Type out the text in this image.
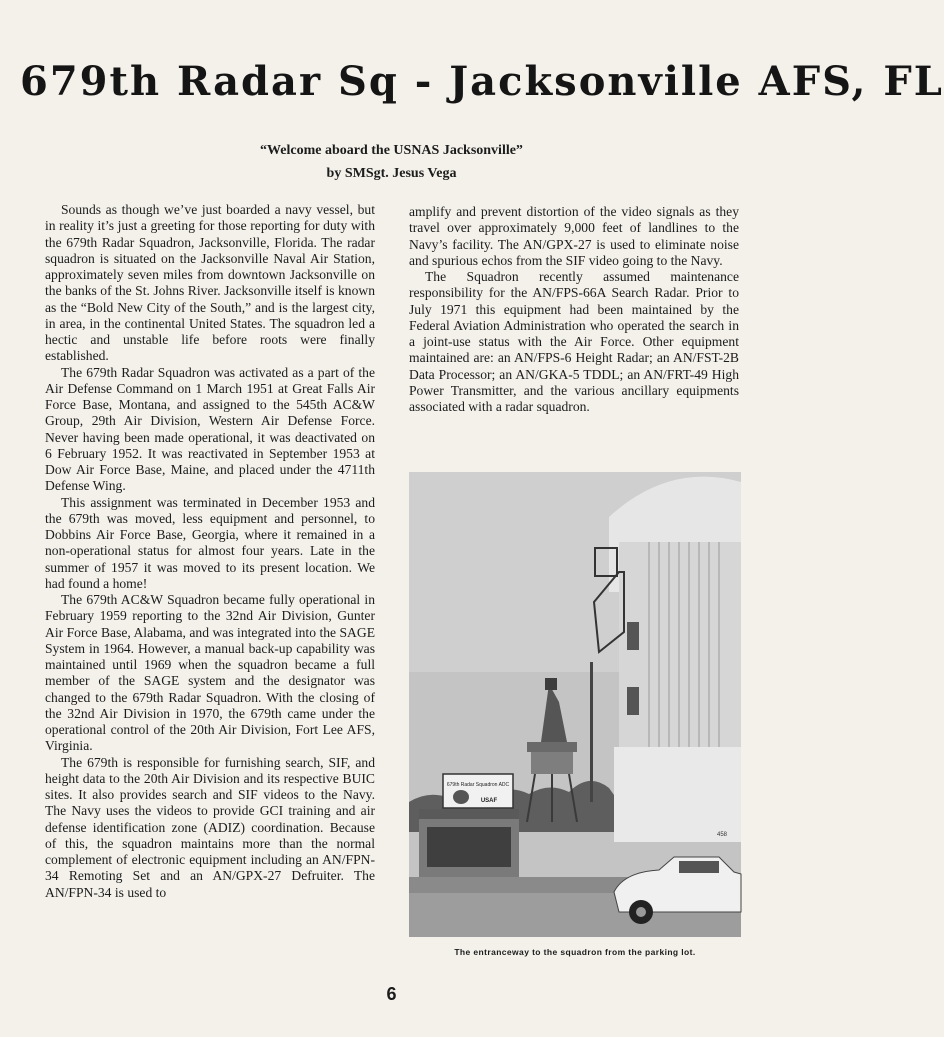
679th Radar Sq - Jacksonville AFS, FL
“Welcome aboard the USNAS Jacksonville”
by SMSgt. Jesus Vega

Sounds as though we’ve just boarded a navy vessel, but in reality it’s just a greeting for those reporting for duty with the 679th Radar Squadron, Jacksonville, Florida. The radar squadron is situated on the Jacksonville Naval Air Station, approximately seven miles from downtown Jacksonville on the banks of the St. Johns River. Jacksonville itself is known as the “Bold New City of the South,” and is the largest city, in area, in the continental United States. The squadron led a hectic and unstable life before roots were finally established.

The 679th Radar Squadron was activated as a part of the Air Defense Command on 1 March 1951 at Great Falls Air Force Base, Montana, and assigned to the 545th AC&W Group, 29th Air Division, Western Air Defense Force. Never having been made operational, it was deactivated on 6 February 1952. It was reactivated in September 1953 at Dow Air Force Base, Maine, and placed under the 4711th Defense Wing.

This assignment was terminated in December 1953 and the 679th was moved, less equipment and personnel, to Dobbins Air Force Base, Georgia, where it remained in a non-operational status for almost four years. Late in the summer of 1957 it was moved to its present location. We had found a home!

The 679th AC&W Squadron became fully operational in February 1959 reporting to the 32nd Air Division, Gunter Air Force Base, Alabama, and was integrated into the SAGE System in 1964. However, a manual back-up capability was maintained until 1969 when the squadron became a full member of the SAGE system and the designator was changed to the 679th Radar Squadron. With the closing of the 32nd Air Division in 1970, the 679th came under the operational control of the 20th Air Division, Fort Lee AFS, Virginia.

The 679th is responsible for furnishing search, SIF, and height data to the 20th Air Division and its respective BUIC sites. It also provides search and SIF videos to the Navy. The Navy uses the videos to provide GCI training and air defense identification zone (ADIZ) coordination. Because of this, the squadron maintains more than the normal complement of electronic equipment including an AN/FPN-34 Remoting Set and an AN/GPX-27 Defruiter. The AN/FPN-34 is used to

amplify and prevent distortion of the video signals as they travel over approximately 9,000 feet of landlines to the Navy’s facility. The AN/GPX-27 is used to eliminate noise and spurious echos from the SIF video going to the Navy.

The Squadron recently assumed maintenance responsibility for the AN/FPS-66A Search Radar. Prior to July 1971 this equipment had been maintained by the Federal Aviation Administration who operated the search in a joint-use status with the Air Force. Other equipment maintained are: an AN/FPS-6 Height Radar; an AN/FST-2B Data Processor; an AN/GKA-5 TDDL; an AN/FRT-49 High Power Transmitter, and the various ancillary equipments associated with a radar squadron.

679th Radar Squadron ADC
USAF
458
The entranceway to the squadron from the parking lot.
6
